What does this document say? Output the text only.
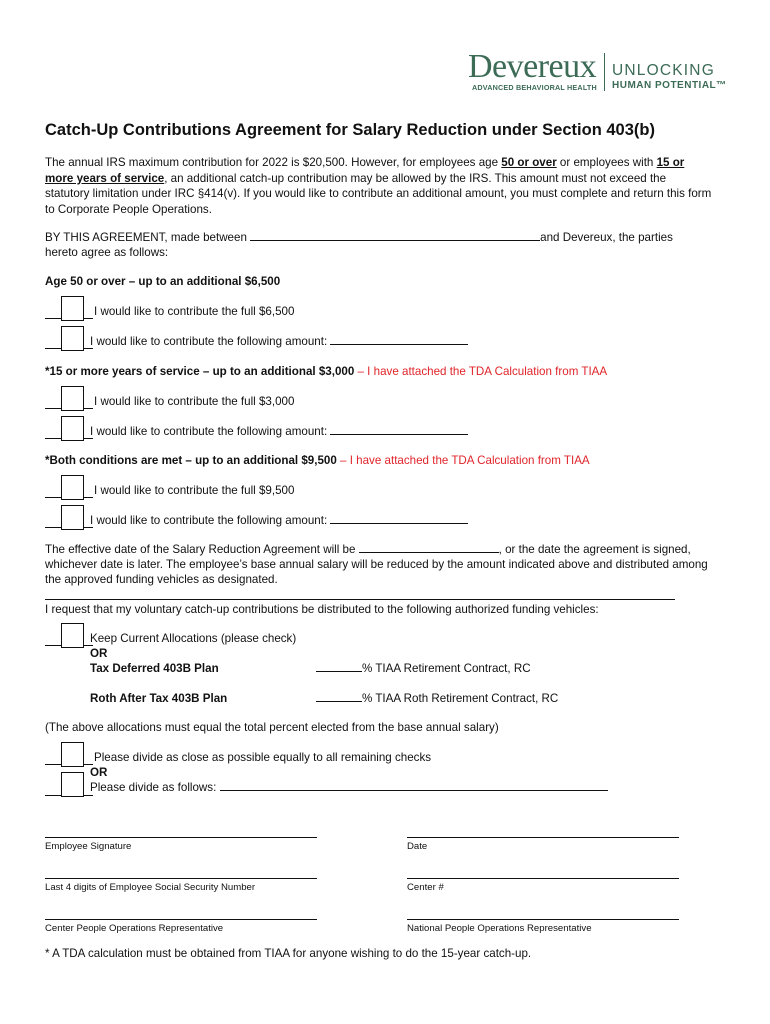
Devereux
ADVANCED BEHAVIORAL HEALTH
UNLOCKING
HUMAN POTENTIAL™
Catch-Up Contributions Agreement for Salary Reduction under Section 403(b)
The annual IRS maximum contribution for 2022 is $20,500. However, for employees age 50 or over or employees with 15 or more years of service, an additional catch-up contribution may be allowed by the IRS. This amount must not exceed the statutory limitation under IRC §414(v). If you would like to contribute an additional amount, you must complete and return this form to Corporate People Operations.
BY THIS AGREEMENT, made between	and Devereux, the parties
hereto agree as follows:
Age 50 or over – up to an additional $6,500
I would like to contribute the full $6,500
I would like to contribute the following amount:
*15 or more years of service – up to an additional $3,000 – I have attached the TDA Calculation from TIAA
I would like to contribute the full $3,000
I would like to contribute the following amount:
*Both conditions are met – up to an additional $9,500 – I have attached the TDA Calculation from TIAA
I would like to contribute the full $9,500
I would like to contribute the following amount:
The effective date of the Salary Reduction Agreement will be	, or the date the agreement is signed, whichever date is later. The employee’s base annual salary will be reduced by the amount indicated above and distributed among the approved funding vehicles as designated.
I request that my voluntary catch-up contributions be distributed to the following authorized funding vehicles:
Keep Current Allocations (please check)
OR
Tax Deferred 403B Plan	% TIAA Retirement Contract, RC
Roth After Tax 403B Plan	% TIAA Roth Retirement Contract, RC
(The above allocations must equal the total percent elected from the base annual salary)
Please divide as close as possible equally to all remaining checks
OR
Please divide as follows:
Employee Signature	Date
Last 4 digits of Employee Social Security Number	Center #
Center People Operations Representative	National People Operations Representative
* A TDA calculation must be obtained from TIAA for anyone wishing to do the 15-year catch-up.
